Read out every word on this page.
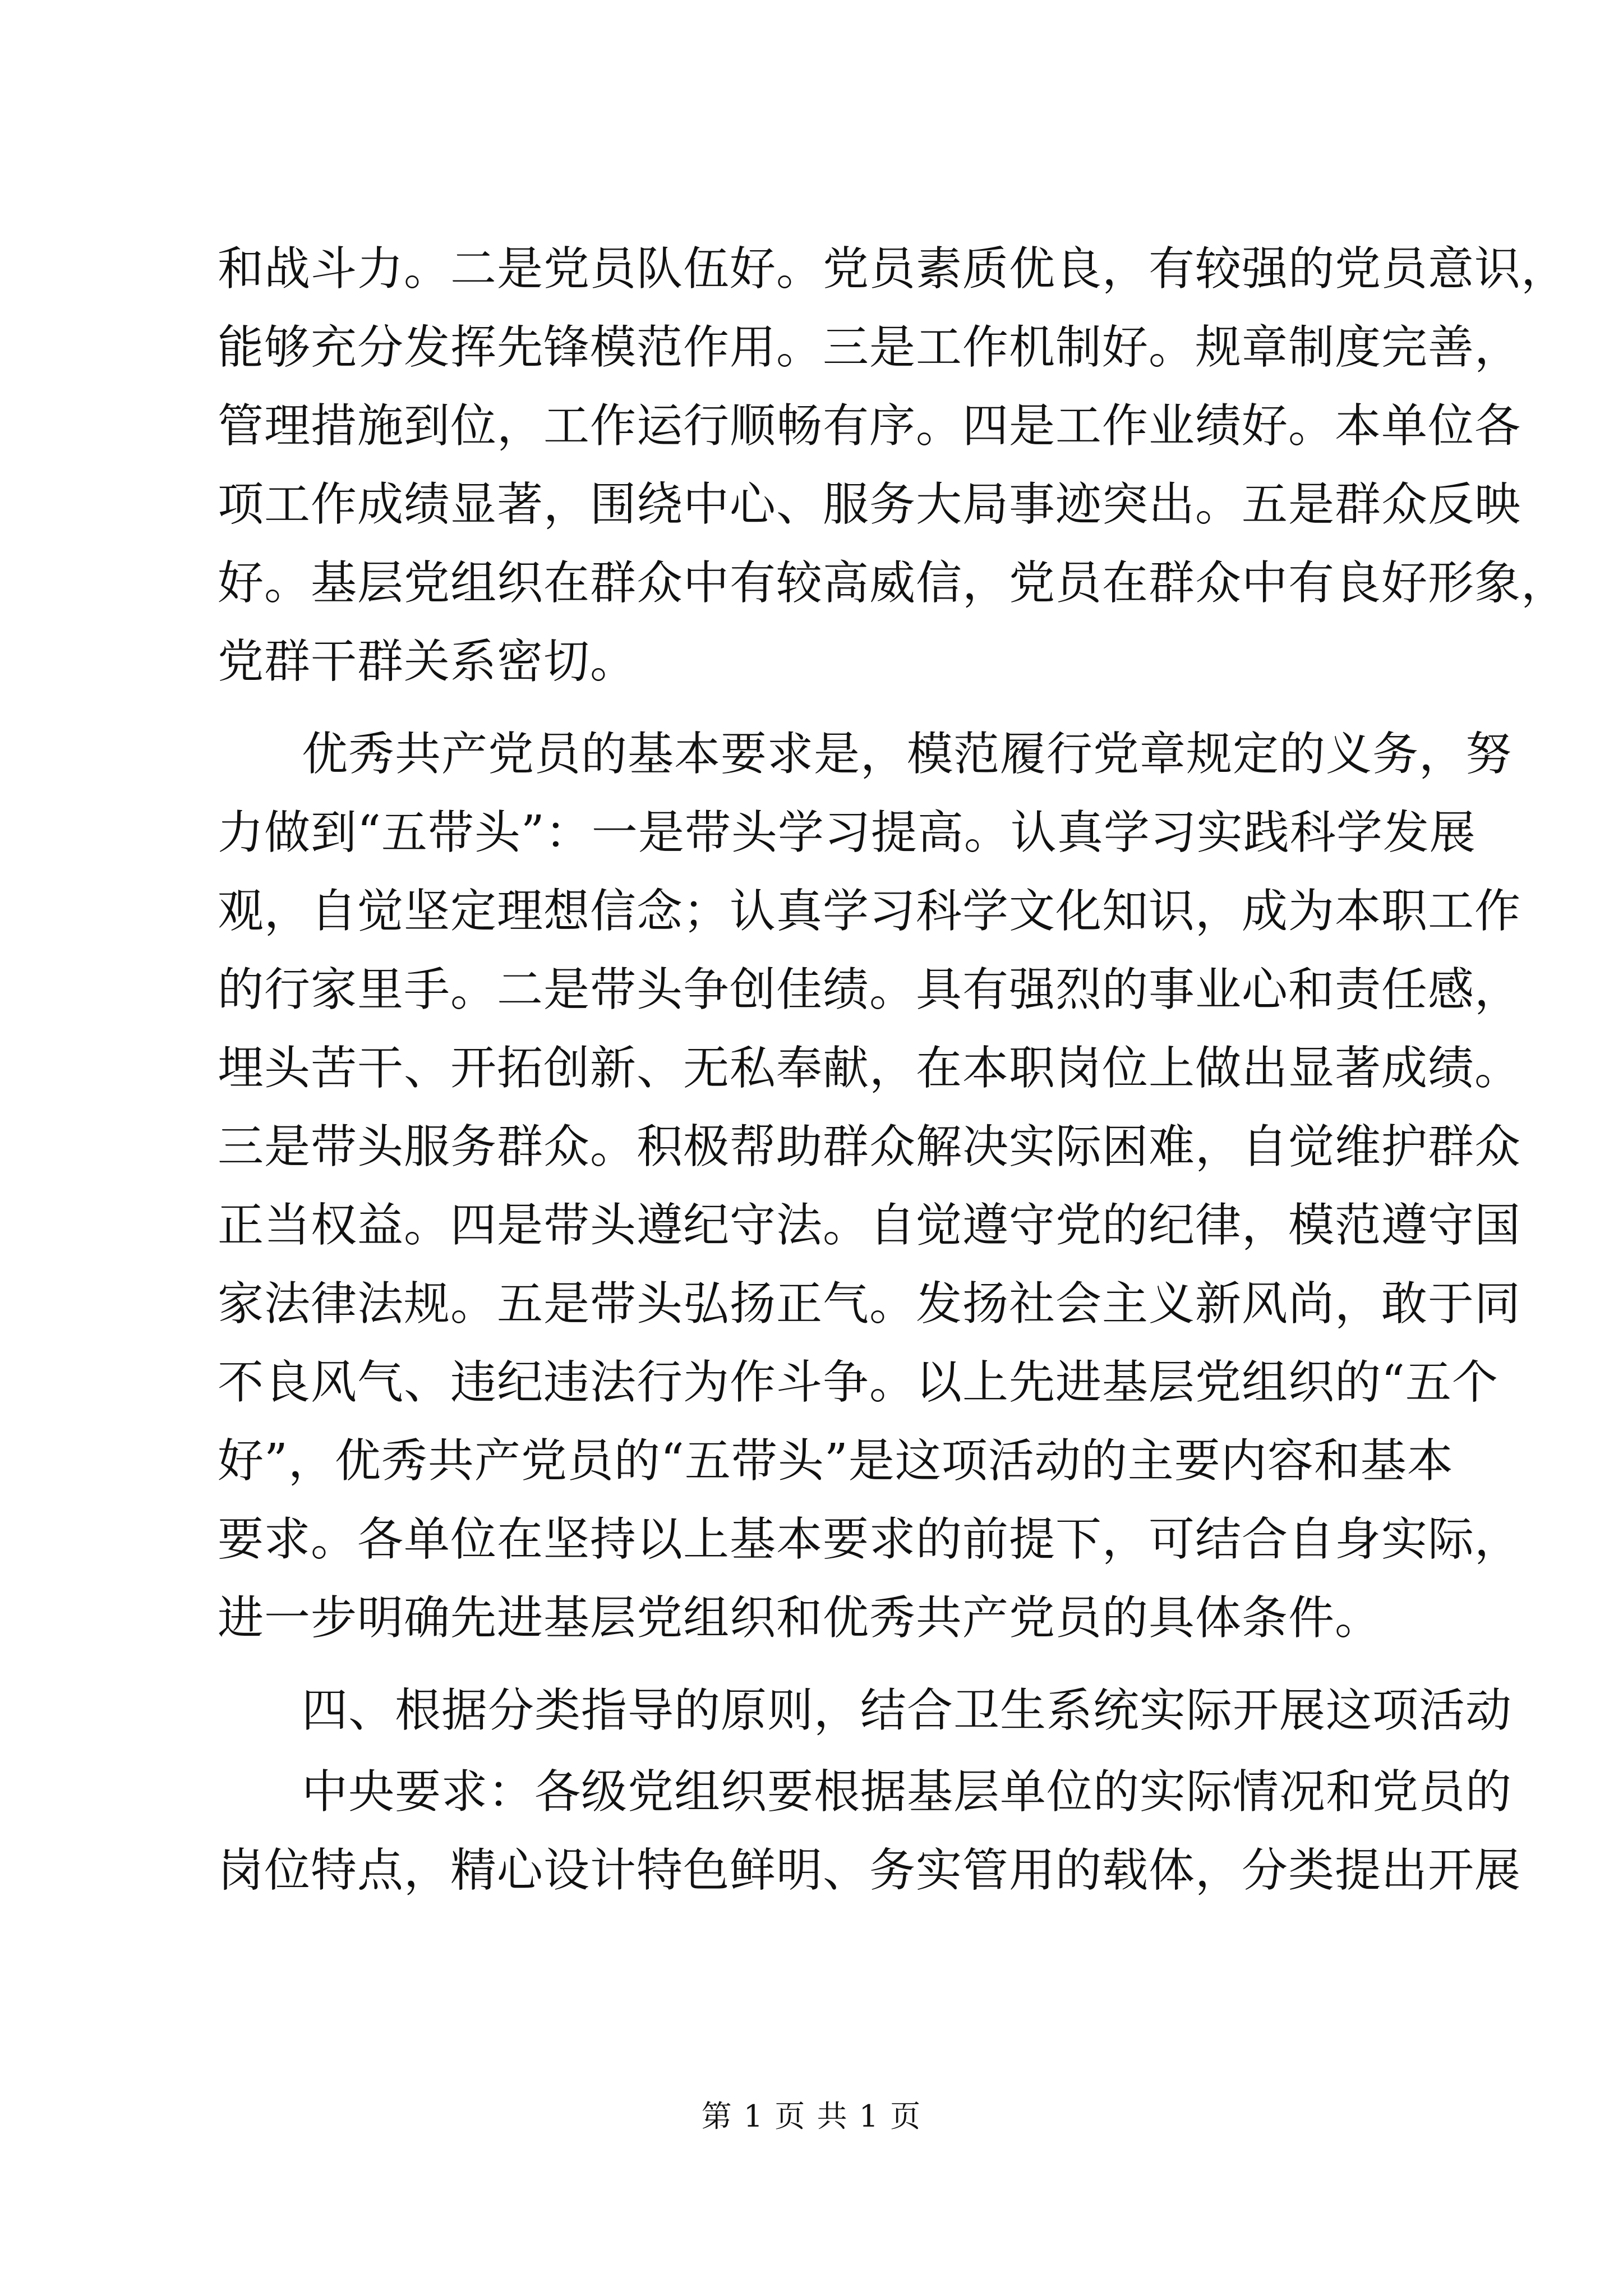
和战斗力。二是党员队伍好。党员素质优良，有较强的党员意识，
能够充分发挥先锋模范作用。三是工作机制好。规章制度完善，
管理措施到位，工作运行顺畅有序。四是工作业绩好。本单位各
项工作成绩显著，围绕中心、服务大局事迹突出。五是群众反映
好。基层党组织在群众中有较高威信，党员在群众中有良好形象，
党群干群关系密切。
优秀共产党员的基本要求是，模范履行党章规定的义务，努
力做到“五带头”：一是带头学习提高。认真学习实践科学发展
观，自觉坚定理想信念；认真学习科学文化知识，成为本职工作
的行家里手。二是带头争创佳绩。具有强烈的事业心和责任感，
埋头苦干、开拓创新、无私奉献，在本职岗位上做出显著成绩。
三是带头服务群众。积极帮助群众解决实际困难，自觉维护群众
正当权益。四是带头遵纪守法。自觉遵守党的纪律，模范遵守国
家法律法规。五是带头弘扬正气。发扬社会主义新风尚，敢于同
不良风气、违纪违法行为作斗争。以上先进基层党组织的“五个
好”，优秀共产党员的“五带头”是这项活动的主要内容和基本
要求。各单位在坚持以上基本要求的前提下，可结合自身实际，
进一步明确先进基层党组织和优秀共产党员的具体条件。
四、根据分类指导的原则，结合卫生系统实际开展这项活动
中央要求：各级党组织要根据基层单位的实际情况和党员的
岗位特点，精心设计特色鲜明、务实管用的载体，分类提出开展
第 1 页 共 1 页
